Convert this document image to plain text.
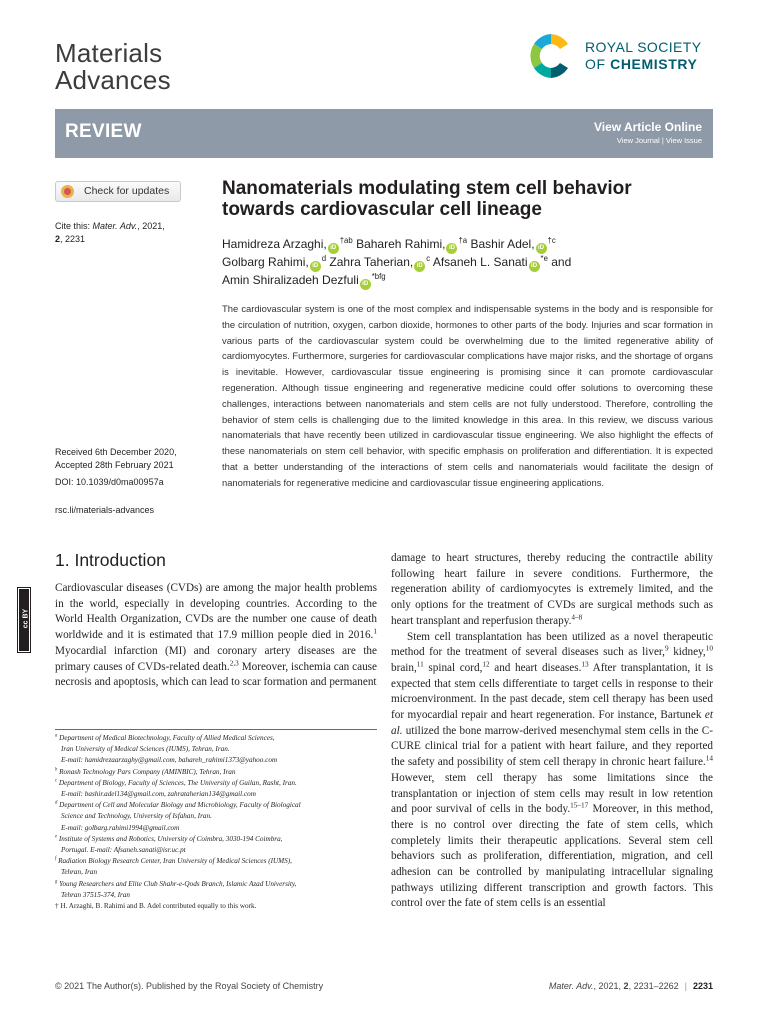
Materials
Advances
ROYAL SOCIETY
OF CHEMISTRY
REVIEW	View Article Online
View Journal | View Issue
Check for updates
Cite this: Mater. Adv., 2021,
2, 2231
Received 6th December 2020,
Accepted 28th February 2021
DOI: 10.1039/d0ma00957a
rsc.li/materials-advances
Nanomaterials modulating stem cell behavior towards cardiovascular cell lineage
Hamidreza Arzaghi, $iD^{\dagger ab}$ Bahareh Rahimi, $iD^{\dagger a}$ Bashir Adel, $iD^{\dagger c}$
Golbarg Rahimi, $iD^d$ Zahra Taherian, $iD^c$ Afsaneh L. Sanati $iD^{*e}$ and
Amin Shiralizadeh Dezfuli $iD^{*bfg}$
The cardiovascular system is one of the most complex and indispensable systems in the body and is responsible for the circulation of nutrition, oxygen, carbon dioxide, hormones to other parts of the body. Injuries and scar formation in various parts of the cardiovascular system could be overwhelming due to the limited regenerative ability of cardiomyocytes. Furthermore, surgeries for cardiovascular complications have major risks, and the shortage of organs is inevitable. However, cardiovascular tissue engineering is promising since it can promote cardiovascular regeneration. Although tissue engineering and regenerative medicine could offer solutions to overcoming these challenges, interactions between nanomaterials and stem cells are not fully understood. Therefore, controlling the behavior of stem cells is challenging due to the limited knowledge in this area. In this review, we discuss various nanomaterials that have recently been utilized in cardiovascular tissue engineering. We also highlight the effects of these nanomaterials on stem cell behavior, with specific emphasis on proliferation and differentiation. It is expected that a better understanding of the interactions of stem cells and nanomaterials would facilitate the design of nanomaterials for regenerative medicine and cardiovascular tissue engineering applications.
cc BY
1. Introduction

Cardiovascular diseases (CVDs) are among the major health problems in the world, especially in developing countries. According to the World Health Organization, CVDs are the number one cause of death worldwide and it is estimated that 17.9 million people died in 2016.$^1$ Myocardial infarction (MI) and coronary artery diseases are the primary causes of CVDs-related death.$^{2,3}$ Moreover, ischemia can cause necrosis and apoptosis, which can lead to scar formation and permanent

damage to heart structures, thereby reducing the contractile ability following heart failure in severe conditions. Furthermore, the regeneration ability of cardiomyocytes is extremely limited, and the only options for the treatment of CVDs are surgical methods such as heart transplant and reperfusion therapy.$^{4-8}$

Stem cell transplantation has been utilized as a novel therapeutic method for the treatment of several diseases such as liver,$^9$ kidney,$^{10}$ brain,$^{11}$ spinal cord,$^{12}$ and heart diseases.$^{13}$ After transplantation, it is expected that stem cells differentiate to target cells in response to their microenvironment. In the past decade, stem cell therapy has been used for myocardial repair and heart regeneration. For instance, Bartunek et al. utilized the bone marrow-derived mesenchymal stem cells in the C-CURE clinical trial for a patient with heart failure, and they reported the safety and possibility of stem cell therapy in chronic heart failure.$^{14}$ However, stem cell therapy has some limitations since the transplantation or injection of stem cells may result in low retention and poor survival of cells in the body.$^{15-17}$ Moreover, in this method, there is no control over directing the fate of stem cells, which completely limits their therapeutic applications. Several stem cell behaviors such as proliferation, differentiation, migration, and cell adhesion can be controlled by manipulating intracellular signaling pathways utilizing different transcription and growth factors. This control over the fate of stem cells is an essential

$^a$ Department of Medical Biotechnology, Faculty of Allied Medical Sciences,
Iran University of Medical Sciences (IUMS), Tehran, Iran.
E-mail: hamidrezaarzaghy@gmail.com, bahareh_rahimi1373@yahoo.com
$^b$ Ronash Technology Pars Company (AMINBIC), Tehran, Iran
$^c$ Department of Biology, Faculty of Sciences, The University of Guilan, Rasht, Iran.
E-mail: bashir.adel134@gmail.com, zahrataherian134@gmail.com
$^d$ Department of Cell and Molecular Biology and Microbiology, Faculty of Biological
Science and Technology, University of Isfahan, Iran.
E-mail: golbarg.rahimi1994@gmail.com
$^e$ Institute of Systems and Robotics, University of Coimbra, 3030-194 Coimbra,
Portugal. E-mail: Afsaneh.sanati@isr.uc.pt
$^f$ Radiation Biology Research Center, Iran University of Medical Sciences (IUMS),
Tehran, Iran
$^g$ Young Researchers and Elite Club Shahr-e-Qods Branch, Islamic Azad University,
Tehran 37515-374, Iran
† H. Arzaghi, B. Rahimi and B. Adel contributed equally to this work.
© 2021 The Author(s). Published by the Royal Society of Chemistry	Mater. Adv., 2021, 2, 2231–2262 | 2231
